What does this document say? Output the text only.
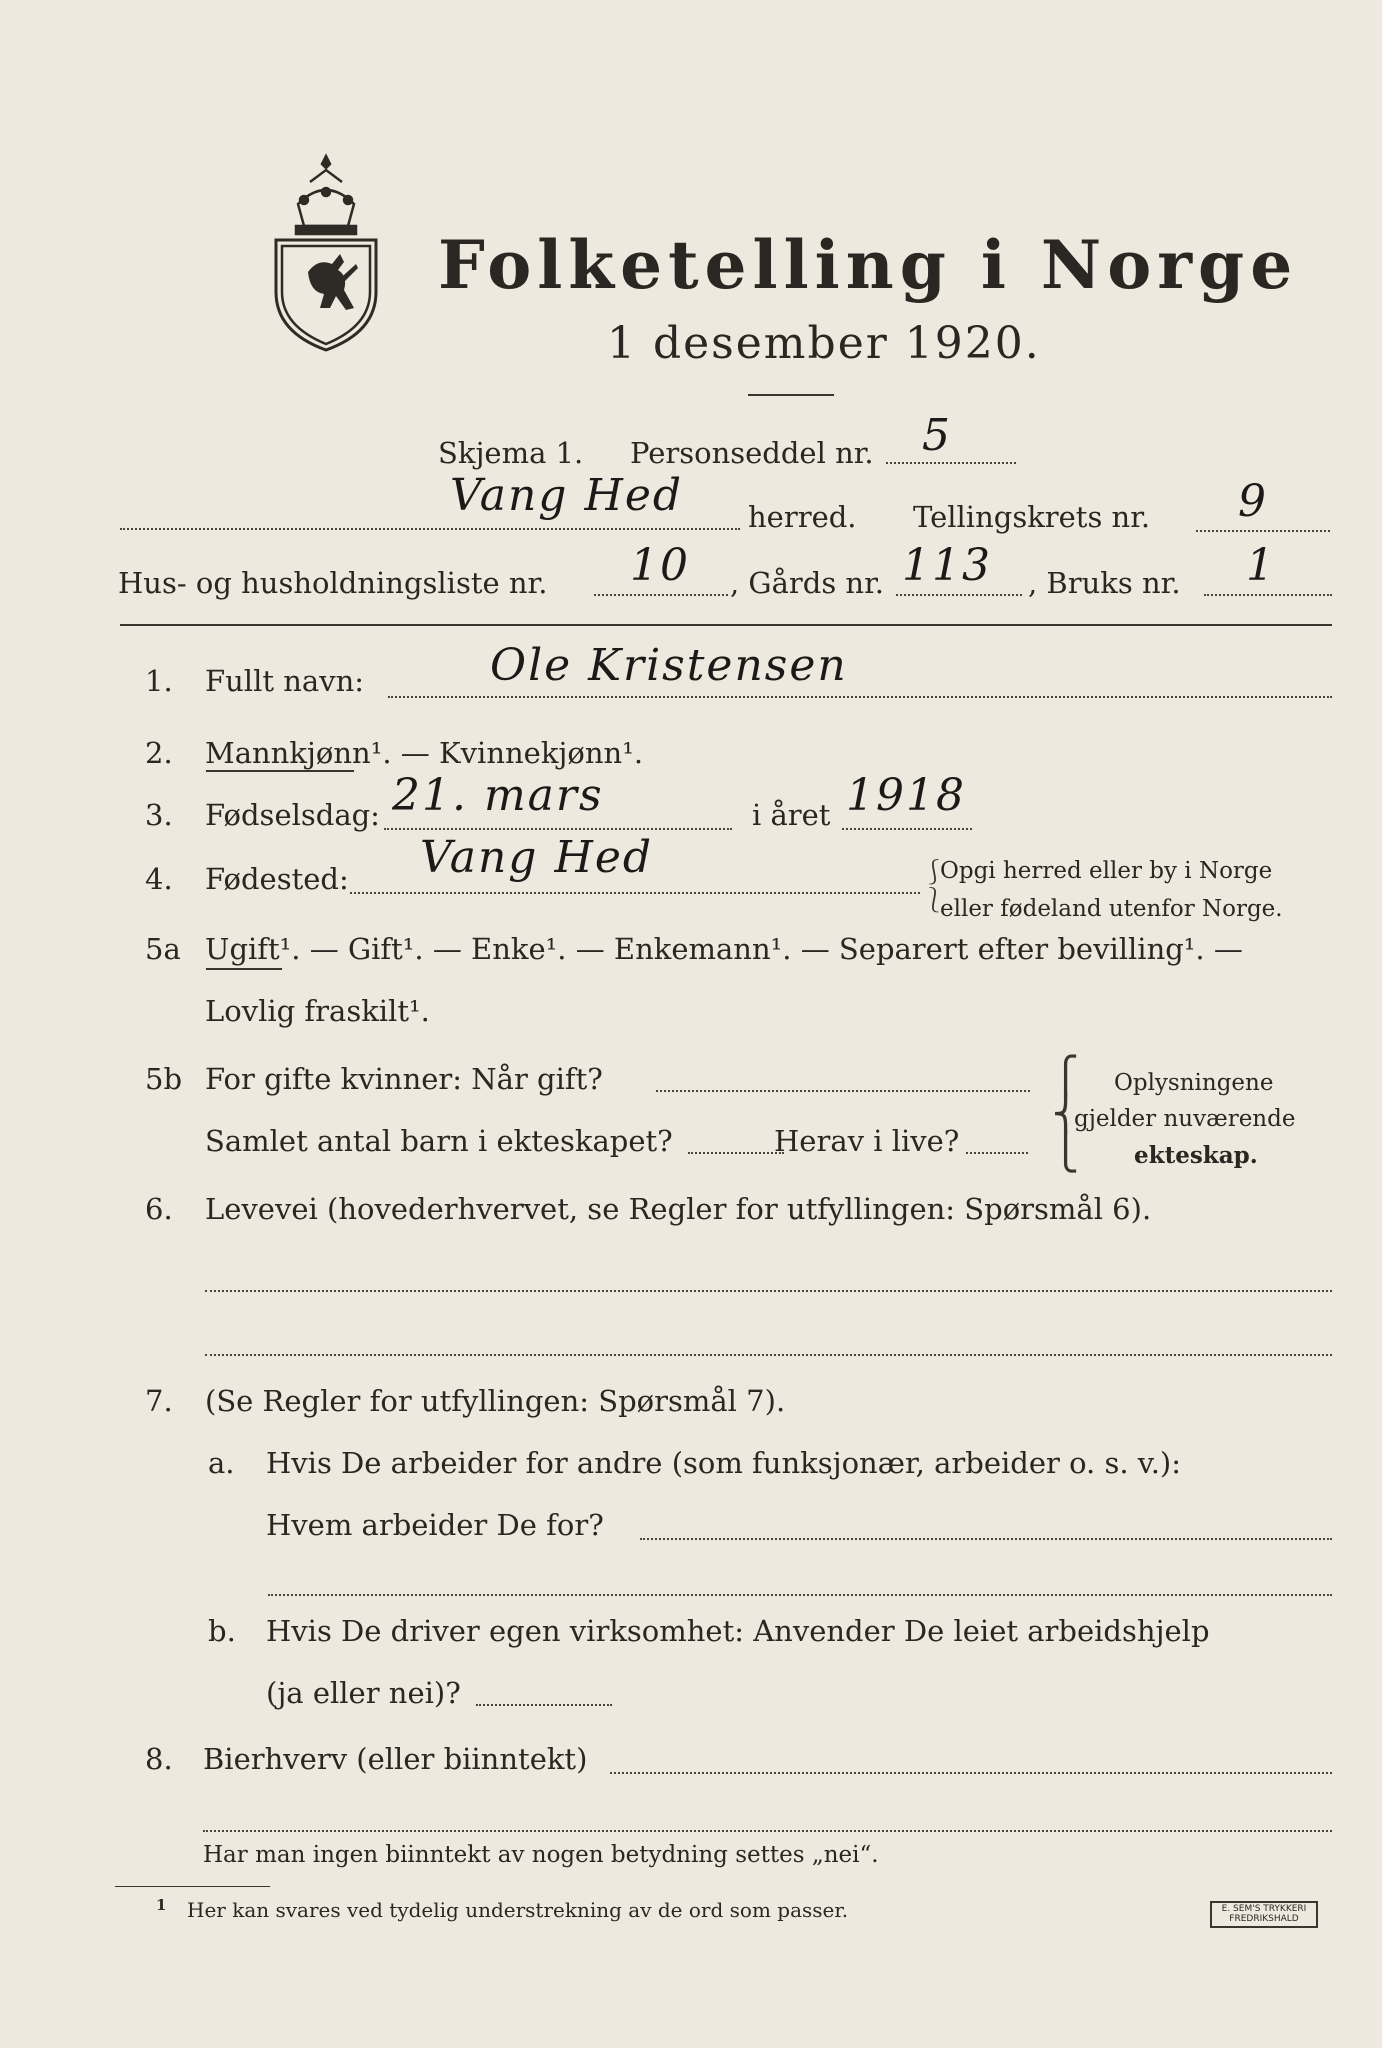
Folketelling i Norge
1 desember 1920.
Skjema 1. Personseddel nr. 5
Vang Hed herred. Tellingskrets nr. 9
Hus- og husholdningsliste nr. 10 , Gårds nr. 113 , Bruks nr. 1
1. Fullt navn:	Ole Kristensen
2. Mannkjønn¹. — Kvinnekjønn¹.
3. Fødselsdag: 21. mars	i året 1918
4. Fødested: Vang Hed	⎰
⎱
Opgi herred eller by i Norge
eller fødeland utenfor Norge.
5a Ugift¹. — Gift¹. — Enke¹. — Enkemann¹. — Separert efter bevilling¹. —
Lovlig fraskilt¹.
5b For gifte kvinner: Når gift?
Samlet antal barn i ekteskapet?	Herav i live?
⎧
⎨
⎩
Oplysningene
gjelder nuværende
ekteskap.
6. Levevei (hovederhvervet, se Regler for utfyllingen: Spørsmål 6).
7. (Se Regler for utfyllingen: Spørsmål 7).
a. Hvis De arbeider for andre (som funksjonær, arbeider o. s. v.):
Hvem arbeider De for?
b. Hvis De driver egen virksomhet: Anvender De leiet arbeidshjelp
(ja eller nei)?
8. Bierhverv (eller biinntekt)
Har man ingen biinntekt av nogen betydning settes „nei“.
1 Her kan svares ved tydelig understrekning av de ord som passer.	E. SEM'S TRYKKERI FREDRIKSHALD
